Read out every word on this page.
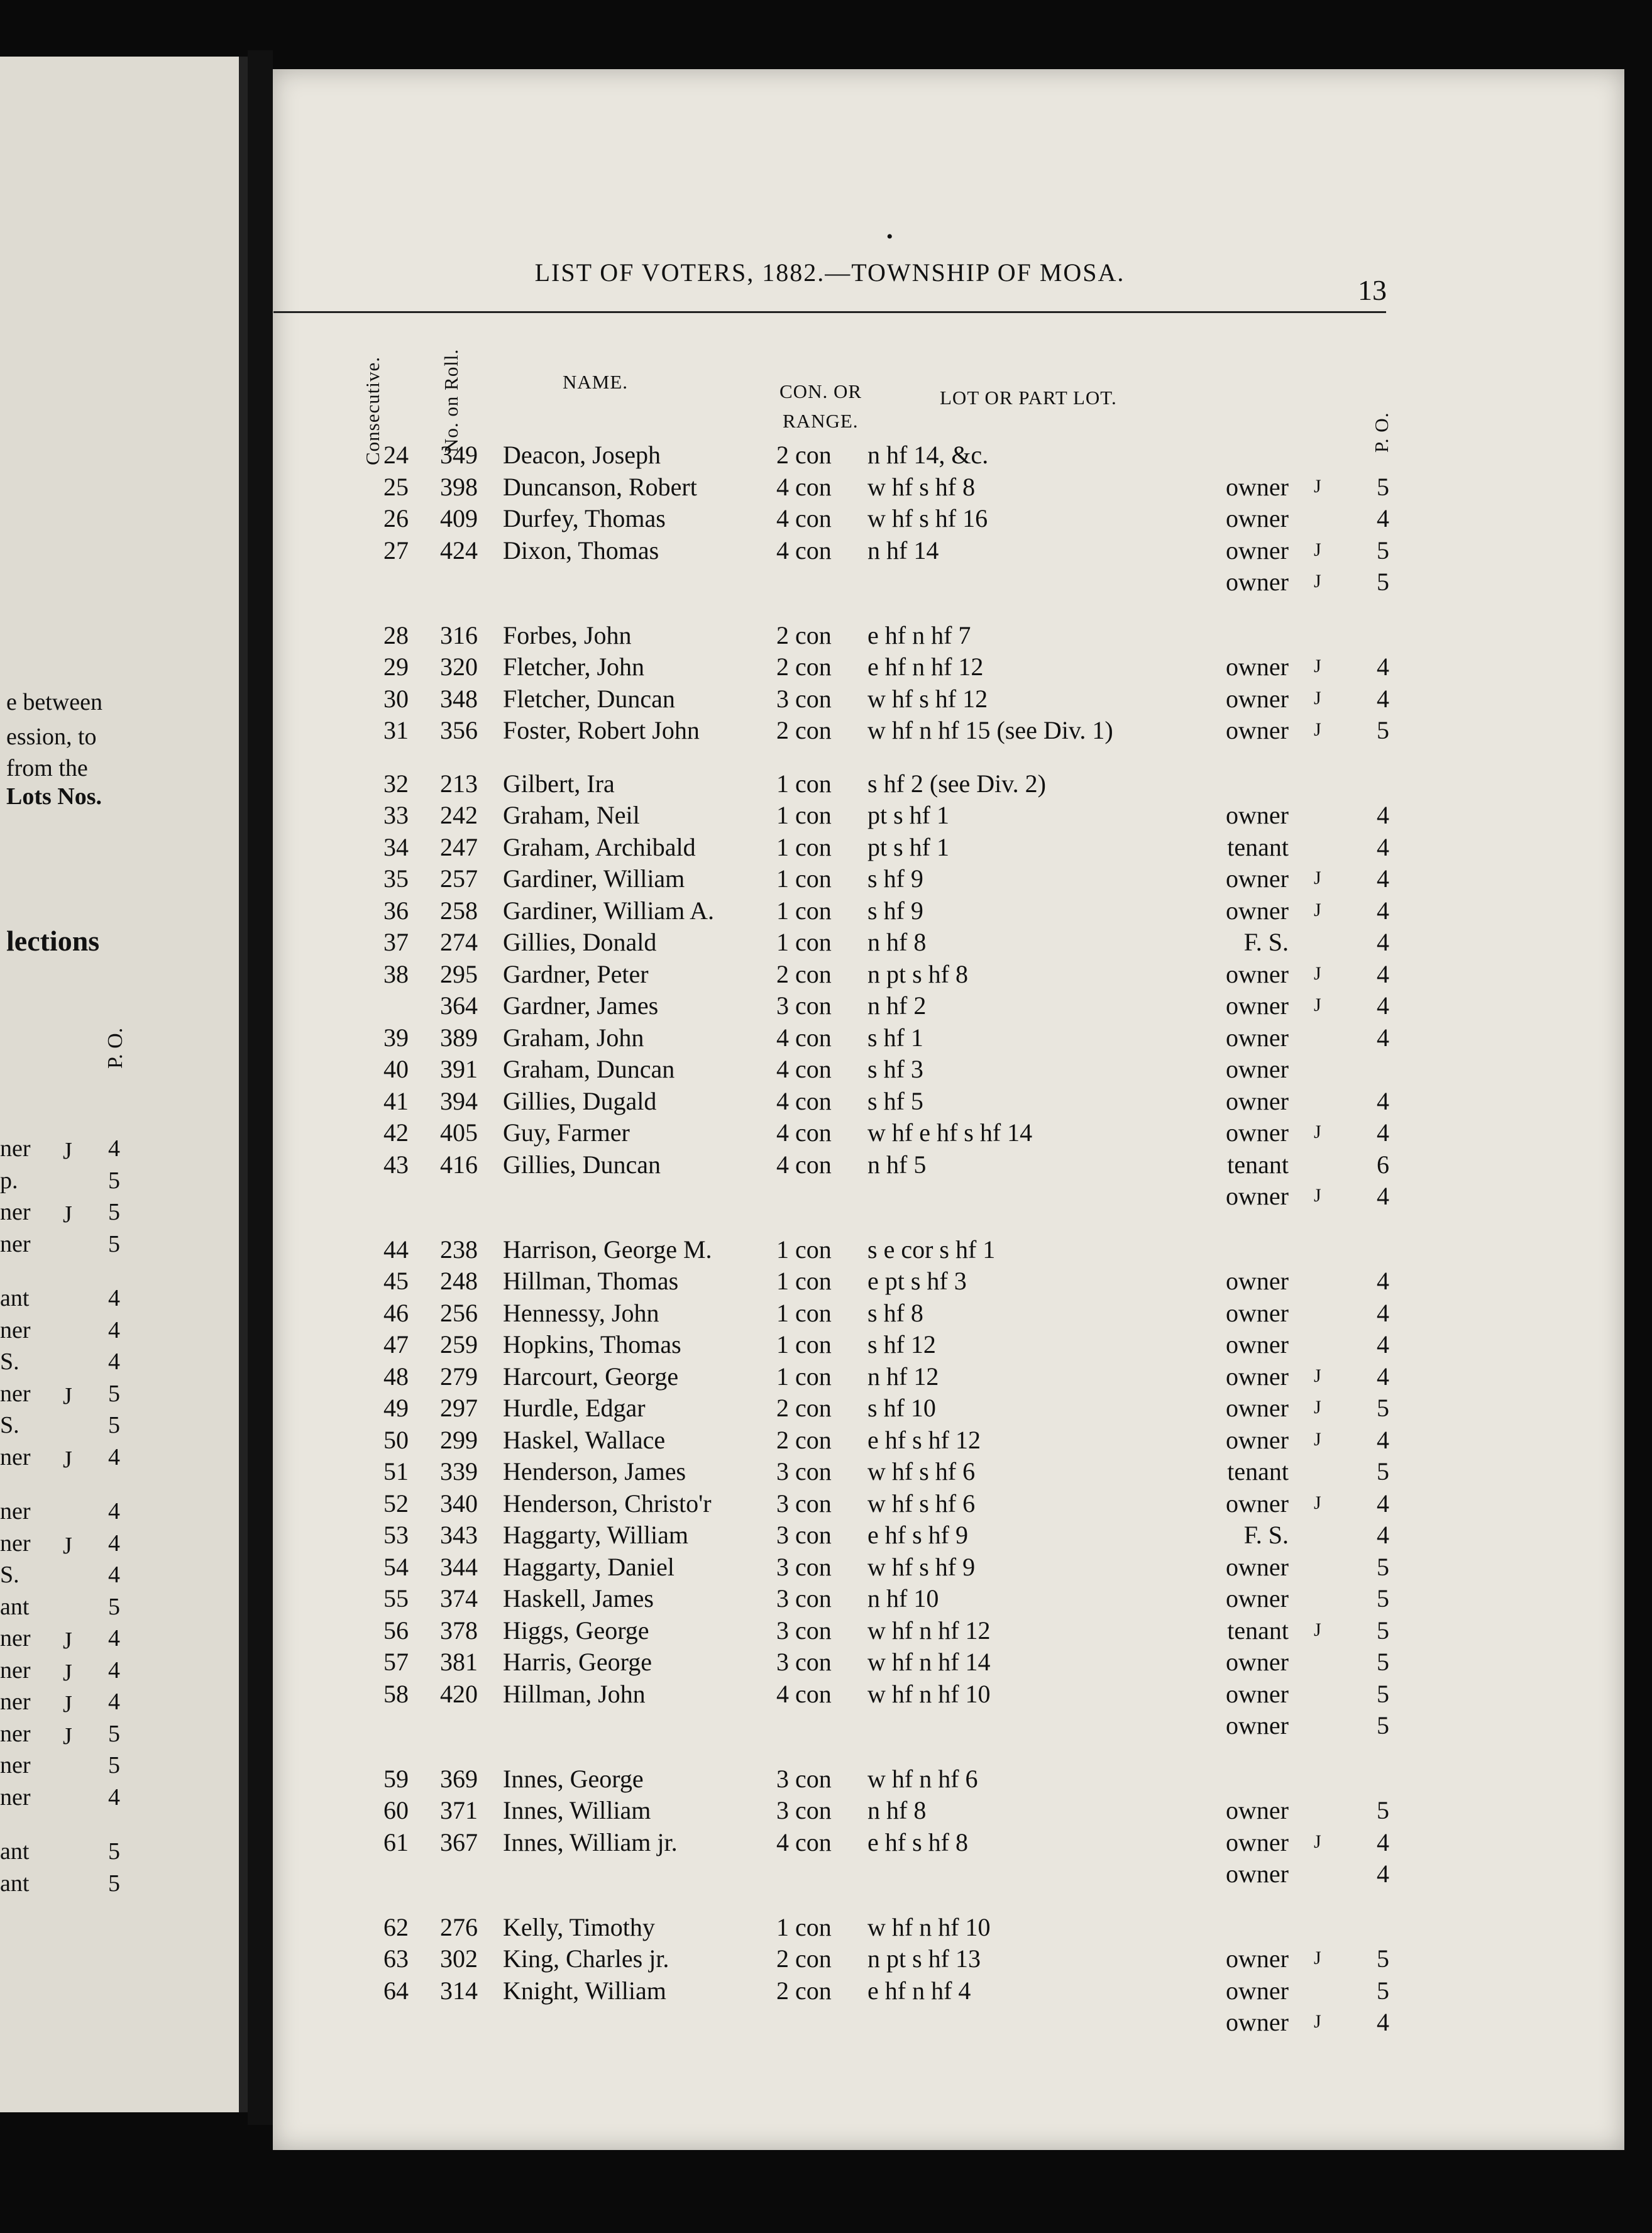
e between
ession, to
from the
Lots Nos.
lections
P. O.
ner J 4
p.	5
ner J 5
ner	5
ant	4
ner	4
S.	4
ner J 5
S.	5
ner J 4
ner	4
ner J 4
S.	4
ant	5
ner J 4
ner J 4
ner J 4
ner J 5
ner	5
ner	4
ant	5
ant	5
•
LIST OF VOTERS, 1882.—TOWNSHIP OF MOSA.
13
Consecutive.	No. on Roll.	NAME.	CON. OR
RANGE.
LOT OR PART LOT.
P. O.
24	349 Deacon, Joseph	2 con n hf 14, &c.
25	398 Duncanson, Robert	4 con w hf s hf 8	owner J	5
26	409 Durfey, Thomas	4 con w hf s hf 16	owner	4
27	424 Dixon, Thomas	4 con n hf 14	owner J	5
owner J	5
28	316 Forbes, John	2 con e hf n hf 7
29	320 Fletcher, John	2 con e hf n hf 12	owner J	4
30	348 Fletcher, Duncan	3 con w hf s hf 12	owner J	4
31	356 Foster, Robert John	2 con w hf n hf 15 (see Div. 1)	owner J	5
32	213 Gilbert, Ira	1 con s hf 2 (see Div. 2)
33	242 Graham, Neil	1 con pt s hf 1	owner	4
34	247 Graham, Archibald	1 con pt s hf 1	tenant	4
35	257 Gardiner, William	1 con s hf 9	owner J	4
36	258 Gardiner, William A. 1 con s hf 9	owner J	4
37	274 Gillies, Donald	1 con n hf 8	F. S.	4
38	295 Gardner, Peter	2 con n pt s hf 8	owner J	4
364 Gardner, James	3 con n hf 2	owner J	4
39	389 Graham, John	4 con s hf 1	owner	4
40	391 Graham, Duncan	4 con s hf 3	owner
41	394 Gillies, Dugald	4 con s hf 5	owner	4
42	405 Guy, Farmer	4 con w hf e hf s hf 14	owner J	4
43	416 Gillies, Duncan	4 con n hf 5	tenant	6
owner J	4
44	238 Harrison, George M.	1 con s e cor s hf 1
45	248 Hillman, Thomas	1 con e pt s hf 3	owner	4
46	256 Hennessy, John	1 con s hf 8	owner	4
47	259 Hopkins, Thomas	1 con s hf 12	owner	4
48	279 Harcourt, George	1 con n hf 12	owner J	4
49	297 Hurdle, Edgar	2 con s hf 10	owner J	5
50	299 Haskel, Wallace	2 con e hf s hf 12	owner J	4
51	339 Henderson, James	3 con w hf s hf 6	tenant	5
52	340 Henderson, Christo'r	3 con w hf s hf 6	owner J	4
53	343 Haggarty, William	3 con e hf s hf 9	F. S.	4
54	344 Haggarty, Daniel	3 con w hf s hf 9	owner	5
55	374 Haskell, James	3 con n hf 10	owner	5
56	378 Higgs, George	3 con w hf n hf 12	tenant J	5
57	381 Harris, George	3 con w hf n hf 14	owner	5
58	420 Hillman, John	4 con w hf n hf 10	owner	5
owner	5
59	369 Innes, George	3 con w hf n hf 6
60	371 Innes, William	3 con n hf 8	owner	5
61	367 Innes, William jr.	4 con e hf s hf 8	owner J	4
owner	4
62	276 Kelly, Timothy	1 con w hf n hf 10
63	302 King, Charles jr.	2 con n pt s hf 13	owner J	5
64	314 Knight, William	2 con e hf n hf 4	owner	5
owner J	4
